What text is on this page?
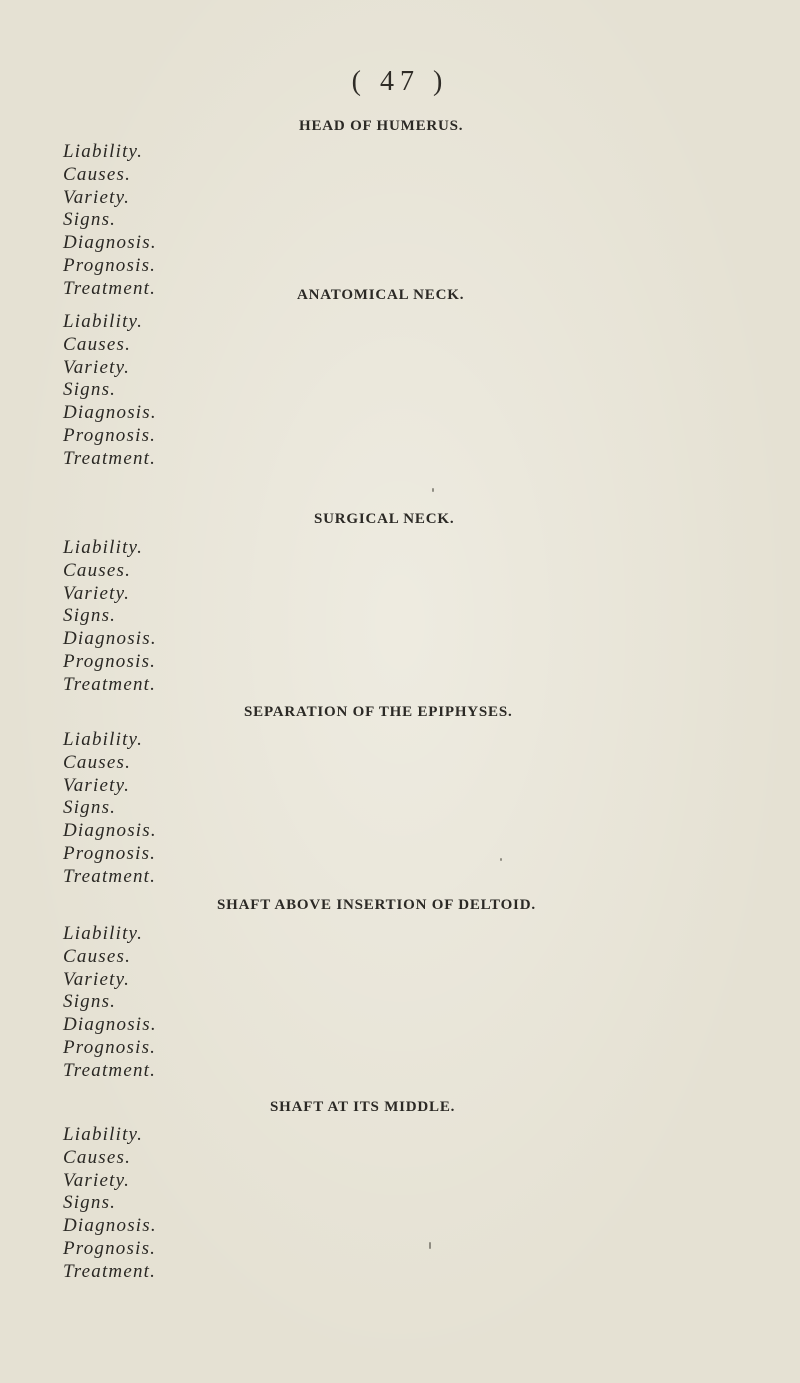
( 47 )
HEAD OF HUMERUS.
Liability.
Causes.
Variety.
Signs.
Diagnosis.
Prognosis.
Treatment.	ANATOMICAL NECK.
Liability.
Causes.
Variety.
Signs.
Diagnosis.
Prognosis.
Treatment.
SURGICAL NECK.
Liability.
Causes.
Variety.
Signs.
Diagnosis.
Prognosis.
Treatment.
SEPARATION OF THE EPIPHYSES.
Liability.
Causes.
Variety.
Signs.
Diagnosis.
Prognosis.
Treatment.
SHAFT ABOVE INSERTION OF DELTOID.
Liability.
Causes.
Variety.
Signs.
Diagnosis.
Prognosis.
Treatment.
SHAFT AT ITS MIDDLE.
Liability.
Causes.
Variety.
Signs.
Diagnosis.
Prognosis.
Treatment.
